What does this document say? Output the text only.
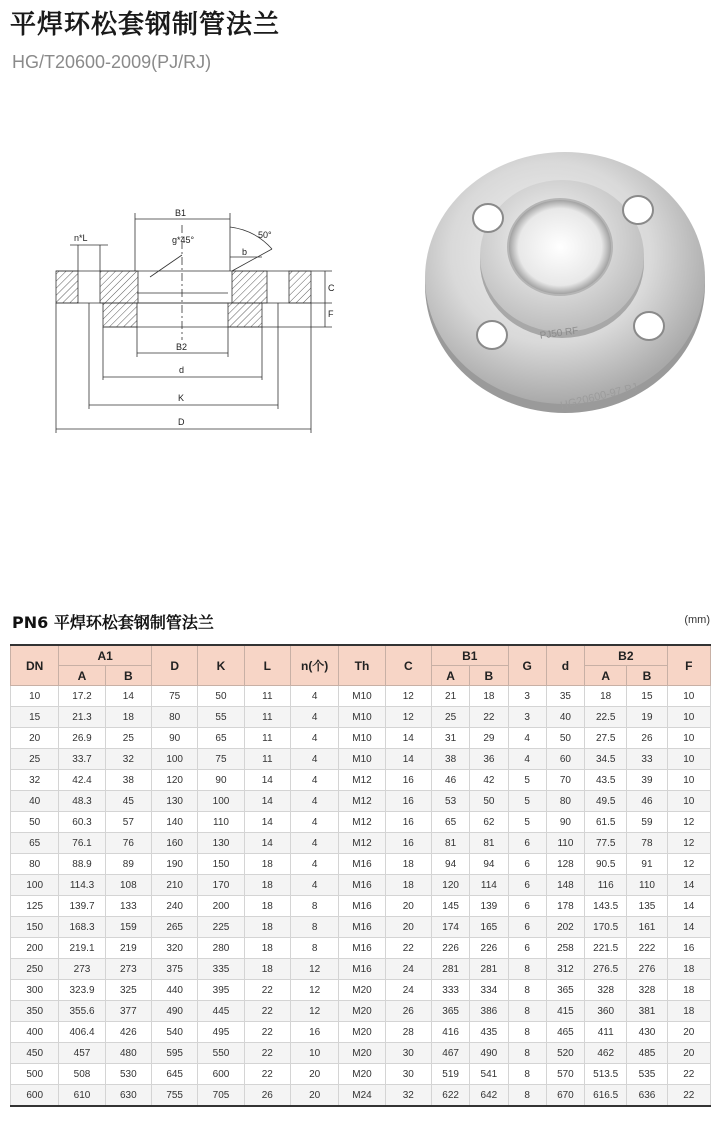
平焊环松套钢制管法兰
HG/T20600-2009(PJ/RJ)
n*L
B1
g*45°	50°
b
C
F
B2
d
K
D
PJ50 RF
HG20600-97 PJ
PN6 平焊环松套钢制管法兰	(mm)
DN	A1		D	K	L	n(个)	Th	C	B1		G	d	B2		F
	A	B							A	B			A	B	
10	17.2	14	75	50	11	4	M10	12	21	18	3	35	18	15	10
15	21.3	18	80	55	11	4	M10	12	25	22	3	40	22.5	19	10
20	26.9	25	90	65	11	4	M10	14	31	29	4	50	27.5	26	10
25	33.7	32	100	75	11	4	M10	14	38	36	4	60	34.5	33	10
32	42.4	38	120	90	14	4	M12	16	46	42	5	70	43.5	39	10
40	48.3	45	130	100	14	4	M12	16	53	50	5	80	49.5	46	10
50	60.3	57	140	110	14	4	M12	16	65	62	5	90	61.5	59	12
65	76.1	76	160	130	14	4	M12	16	81	81	6	110	77.5	78	12
80	88.9	89	190	150	18	4	M16	18	94	94	6	128	90.5	91	12
100	114.3	108	210	170	18	4	M16	18	120	114	6	148	116	110	14
125	139.7	133	240	200	18	8	M16	20	145	139	6	178	143.5	135	14
150	168.3	159	265	225	18	8	M16	20	174	165	6	202	170.5	161	14
200	219.1	219	320	280	18	8	M16	22	226	226	6	258	221.5	222	16
250	273	273	375	335	18	12	M16	24	281	281	8	312	276.5	276	18
300	323.9	325	440	395	22	12	M20	24	333	334	8	365	328	328	18
350	355.6	377	490	445	22	12	M20	26	365	386	8	415	360	381	18
400	406.4	426	540	495	22	16	M20	28	416	435	8	465	411	430	20
450	457	480	595	550	22	10	M20	30	467	490	8	520	462	485	20
500	508	530	645	600	22	20	M20	30	519	541	8	570	513.5	535	22
600	610	630	755	705	26	20	M24	32	622	642	8	670	616.5	636	22
